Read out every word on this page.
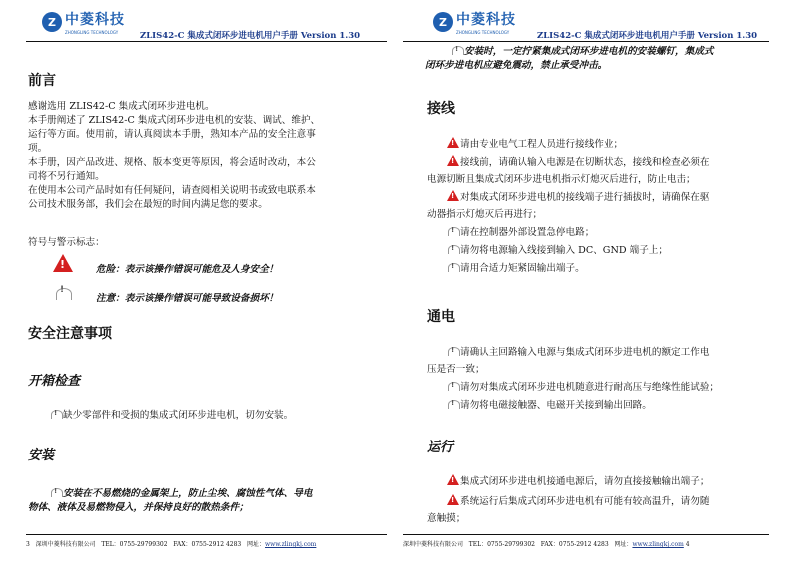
Z 中菱科技
ZHONGLING TECHNOLOGY	ZLIS42-C 集成式闭环步进电机用户手册 Version 1.30
前言
感谢选用 ZLIS42-C 集成式闭环步进电机。
本手册阐述了 ZLIS42-C 集成式闭环步进电机的安装、调试、维护、
运行等方面。使用前，请认真阅读本手册，熟知本产品的安全注意事
项。
本手册，因产品改进、规格、版本变更等原因，将会适时改动，本公
司将不另行通知。
在使用本公司产品时如有任何疑问，请查阅相关说明书或致电联系本
公司技术服务部，我们会在最短的时间内满足您的要求。
符号与警示标志：
!
危险：表示该操作错误可能危及人身安全！
!
注意：表示该操作错误可能导致设备损坏！
安全注意事项
开箱检查
!缺少零部件和受损的集成式闭环步进电机，切勿安装。
安装
!安装在不易燃烧的金属架上，防止尘埃、腐蚀性气体、导电
物体、液体及易燃物侵入，并保持良好的散热条件；
3 深圳中菱科技有限公司 TEL：0755-29799302 FAX：0755-2912 4283 网址：www.zlingkj.com
Z 中菱科技
ZHONGLING TECHNOLOGY	ZLIS42-C 集成式闭环步进电机用户手册 Version 1.30
!安装时，一定拧紧集成式闭环步进电机的安装螺钉，集成式
闭环步进电机应避免震动，禁止承受冲击。
接线
!请由专业电气工程人员进行接线作业；
!接线前，请确认输入电源是在切断状态，接线和检查必须在
电源切断且集成式闭环步进电机指示灯熄灭后进行，防止电击；
!对集成式闭环步进电机的接线端子进行插拔时，请确保在驱
动器指示灯熄灭后再进行；
!请在控制器外部设置急停电路；
!请勿将电源输入线接到输入 DC、GND 端子上；
!请用合适力矩紧固输出端子。
通电
!请确认主回路输入电源与集成式闭环步进电机的额定工作电
压是否一致；
!请勿对集成式闭环步进电机随意进行耐高压与绝缘性能试验；
!请勿将电磁接触器、电磁开关接到输出回路。
运行
!集成式闭环步进电机接通电源后，请勿直接接触输出端子；
!系统运行后集成式闭环步进电机有可能有较高温升，请勿随
意触摸；
深圳中菱科技有限公司 TEL：0755-29799302 FAX：0755-2912 4283 网址：www.zlingkj.com 4
